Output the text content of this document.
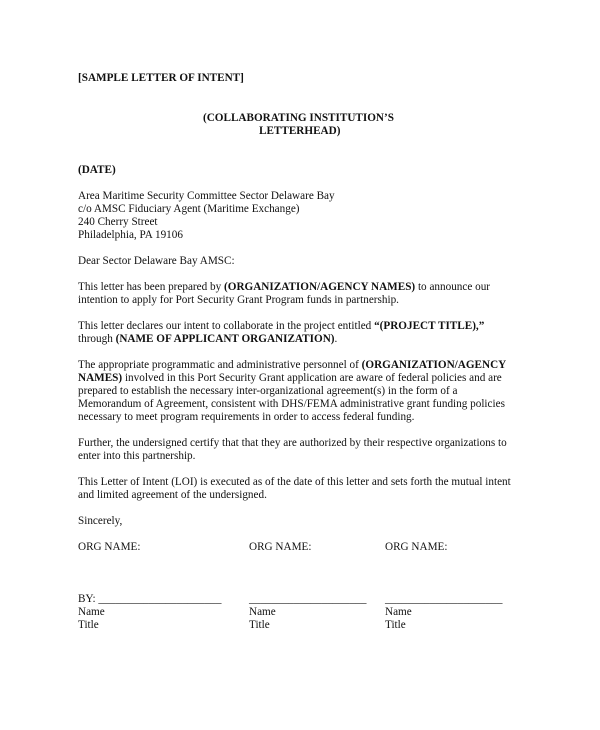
[SAMPLE LETTER OF INTENT]
(COLLABORATING INSTITUTION’S
LETTERHEAD)
(DATE)
Area Maritime Security Committee Sector Delaware Bay
c/o AMSC Fiduciary Agent (Maritime Exchange)
240 Cherry Street
Philadelphia, PA 19106
Dear Sector Delaware Bay AMSC:
This letter has been prepared by (ORGANIZATION/AGENCY NAMES) to announce our
intention to apply for Port Security Grant Program funds in partnership.
This letter declares our intent to collaborate in the project entitled “(PROJECT TITLE),”
through (NAME OF APPLICANT ORGANIZATION).
The appropriate programmatic and administrative personnel of (ORGANIZATION/AGENCY
NAMES) involved in this Port Security Grant application are aware of federal policies and are
prepared to establish the necessary inter-organizational agreement(s) in the form of a
Memorandum of Agreement, consistent with DHS/FEMA administrative grant funding policies
necessary to meet program requirements in order to access federal funding.
Further, the undersigned certify that that they are authorized by their respective organizations to
enter into this partnership.
This Letter of Intent (LOI) is executed as of the date of this letter and sets forth the mutual intent
and limited agreement of the undersigned.
Sincerely,
ORG NAME:	ORG NAME:	ORG NAME:
BY: ______________________ _____________________ _____________________
Name	Name	Name
Title	Title	Title
